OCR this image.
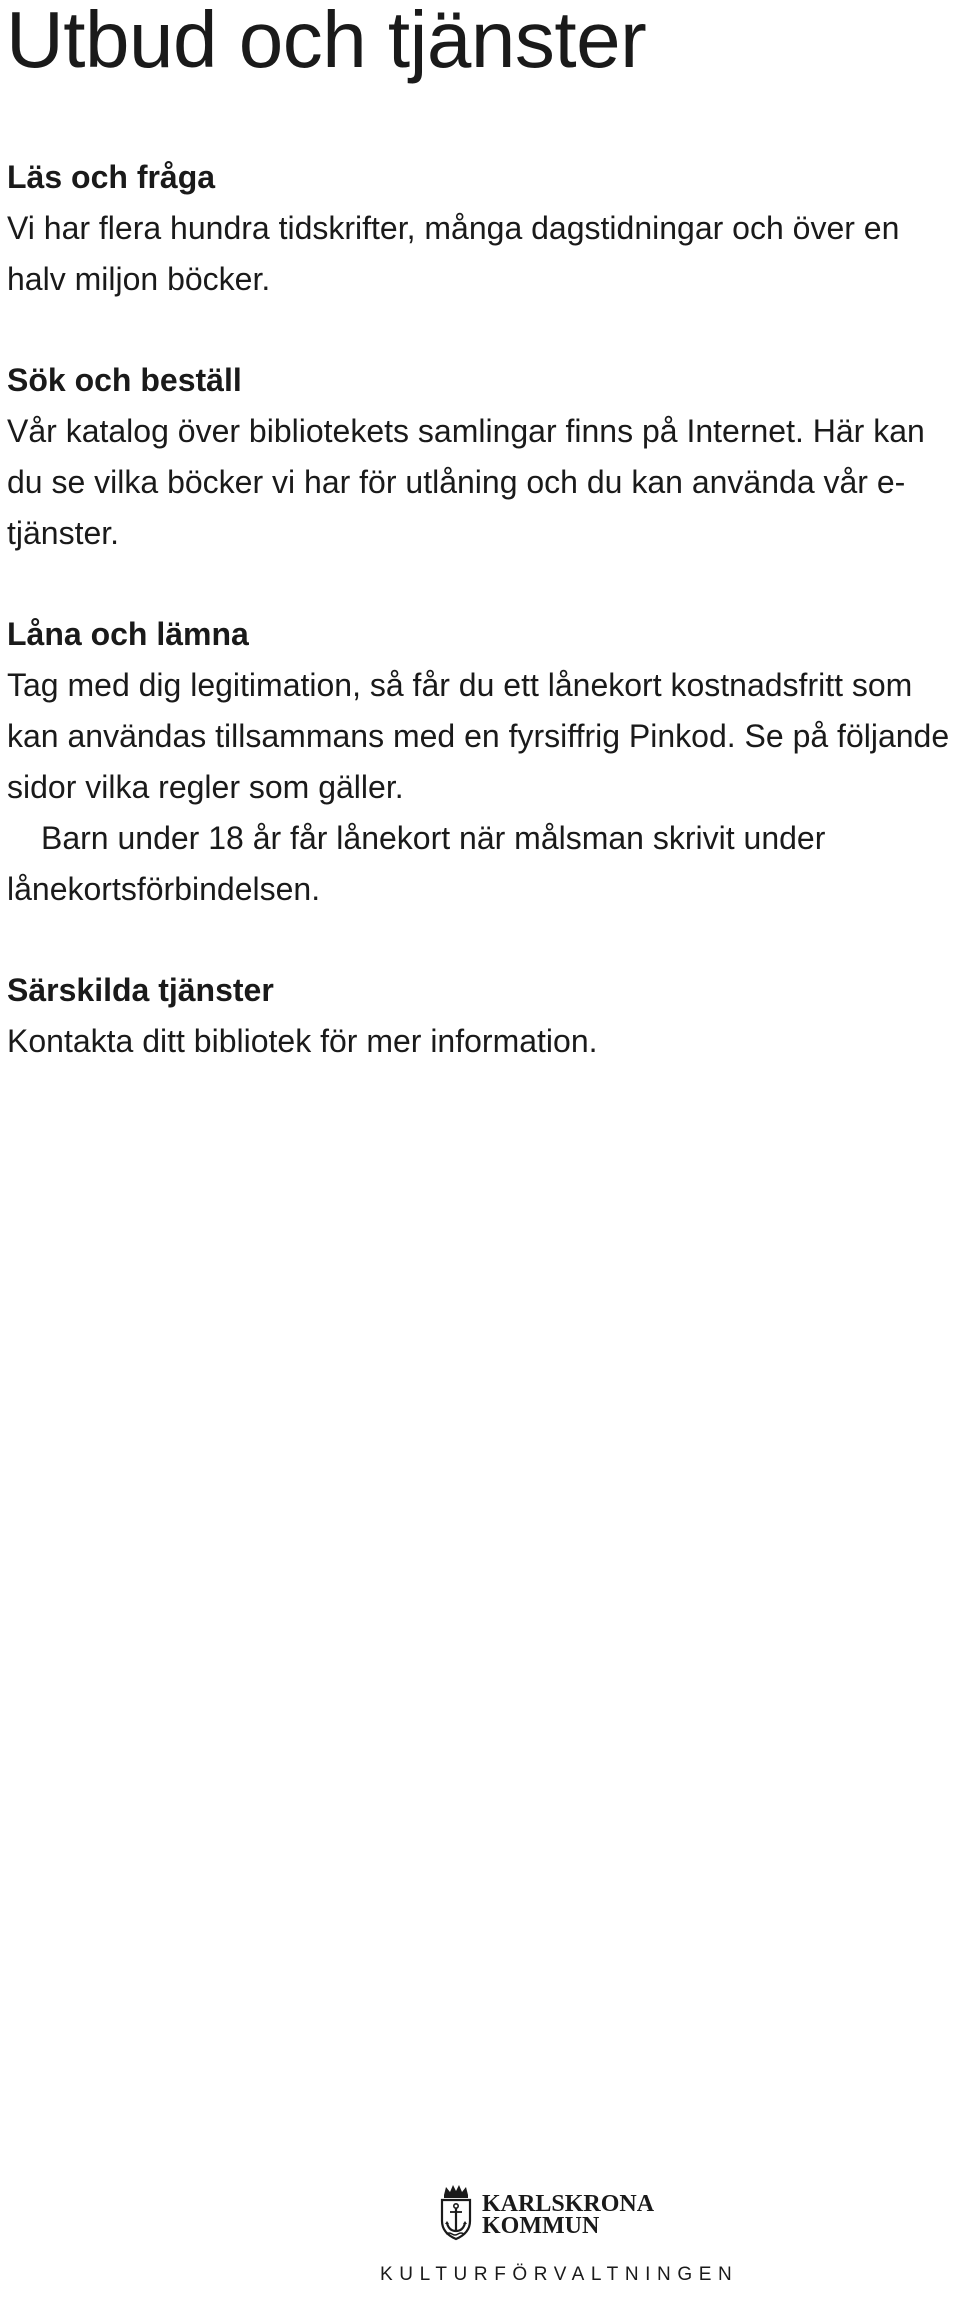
Utbud och tjänster
Läs och fråga

Vi har flera hundra tidskrifter, många dagstidningar och över en halv miljon böcker.

Sök och beställ

Vår katalog över bibliotekets samlingar finns på Internet. Här kan du se vilka böcker vi har för utlåning och du kan använda vår e-tjänster.

Låna och lämna

Tag med dig legitimation, så får du ett lånekort kostnadsfritt som kan användas tillsammans med en fyrsiffrig Pinkod. Se på följande sidor vilka regler som gäller.

Barn under 18 år får lånekort när målsman skrivit under lånekortsförbindelsen.

Särskilda tjänster

Kontakta ditt bibliotek för mer information.

KARLSKRONA
KOMMUN
KULTURFÖRVALTNINGEN
